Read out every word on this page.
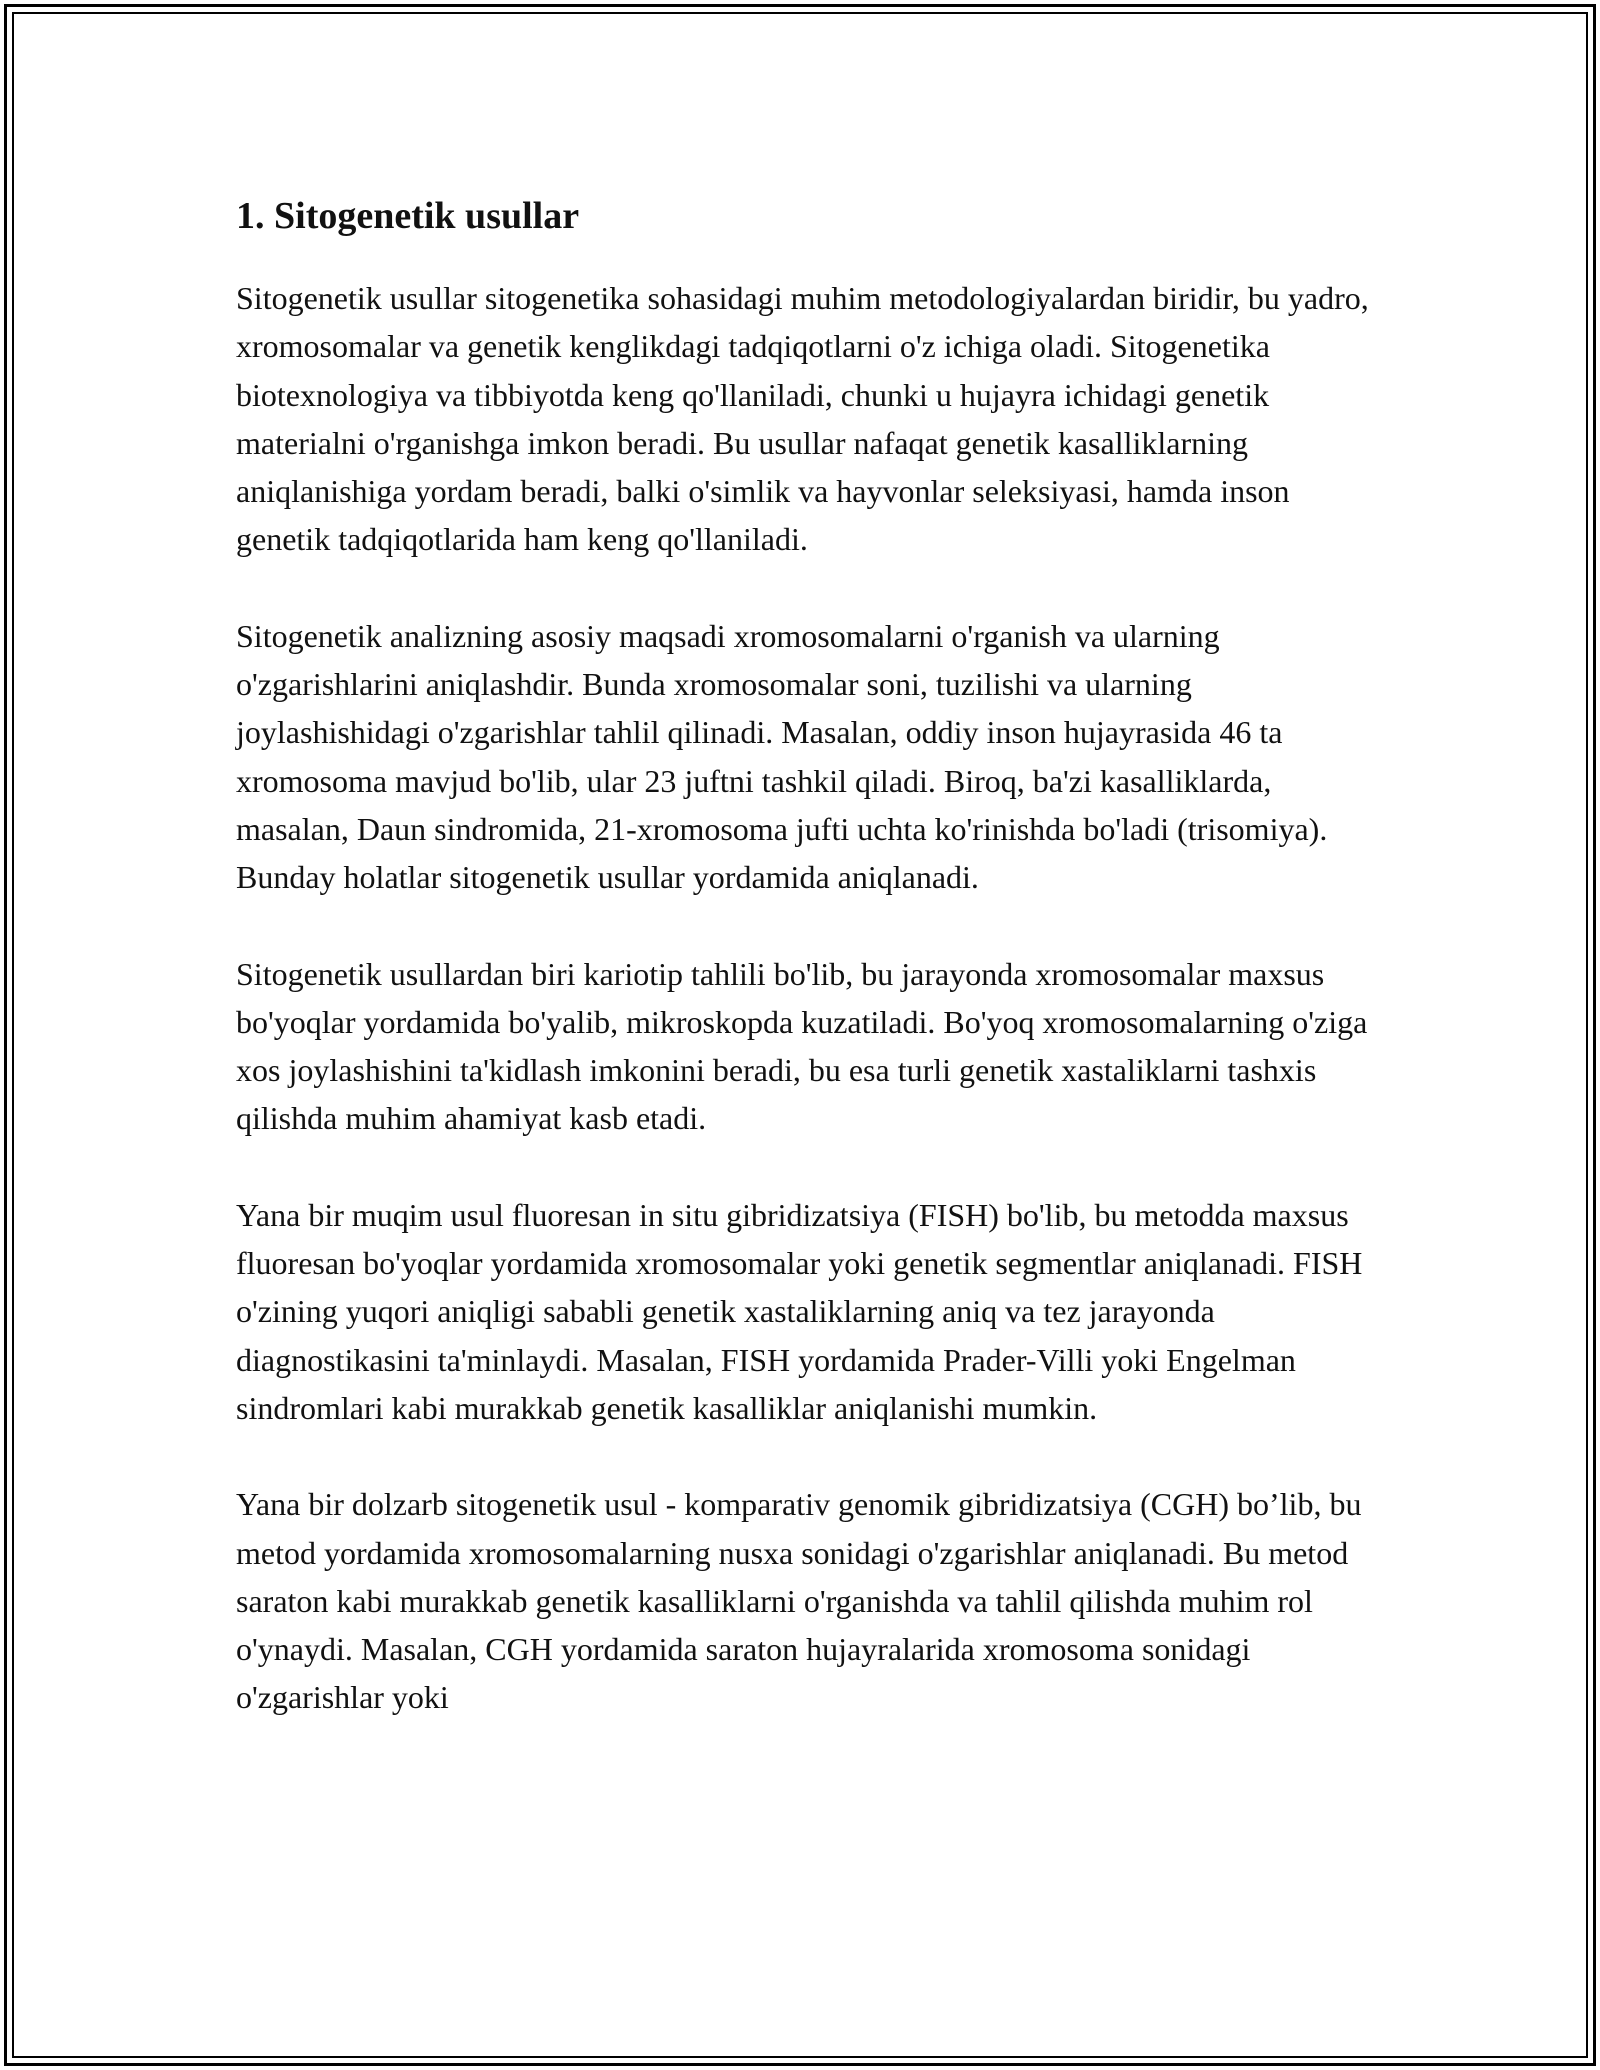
1. Sitogenetik usullar

Sitogenetik usullar sitogenetika sohasidagi muhim metodologiyalardan biridir, bu yadro, xromosomalar va genetik kenglikdagi tadqiqotlarni o'z ichiga oladi. Sitogenetika biotexnologiya va tibbiyotda keng qo'llaniladi, chunki u hujayra ichidagi genetik materialni o'rganishga imkon beradi. Bu usullar nafaqat genetik kasalliklarning aniqlanishiga yordam beradi, balki o'simlik va hayvonlar seleksiyasi, hamda inson genetik tadqiqotlarida ham keng qo'llaniladi.

Sitogenetik analizning asosiy maqsadi xromosomalarni o'rganish va ularning o'zgarishlarini aniqlashdir. Bunda xromosomalar soni, tuzilishi va ularning joylashishidagi o'zgarishlar tahlil qilinadi. Masalan, oddiy inson hujayrasida 46 ta xromosoma mavjud bo'lib, ular 23 juftni tashkil qiladi. Biroq, ba'zi kasalliklarda, masalan, Daun sindromida, 21-xromosoma jufti uchta ko'rinishda bo'ladi (trisomiya). Bunday holatlar sitogenetik usullar yordamida aniqlanadi.

Sitogenetik usullardan biri kariotip tahlili bo'lib, bu jarayonda xromosomalar maxsus bo'yoqlar yordamida bo'yalib, mikroskopda kuzatiladi. Bo'yoq xromosomalarning o'ziga xos joylashishini ta'kidlash imkonini beradi, bu esa turli genetik xastaliklarni tashxis qilishda muhim ahamiyat kasb etadi.

Yana bir muqim usul fluoresan in situ gibridizatsiya (FISH) bo'lib, bu metodda maxsus fluoresan bo'yoqlar yordamida xromosomalar yoki genetik segmentlar aniqlanadi. FISH o'zining yuqori aniqligi sababli genetik xastaliklarning aniq va tez jarayonda diagnostikasini ta'minlaydi. Masalan, FISH yordamida Prader-Villi yoki Engelman sindromlari kabi murakkab genetik kasalliklar aniqlanishi mumkin.

Yana bir dolzarb sitogenetik usul - komparativ genomik gibridizatsiya (CGH) bo’lib, bu metod yordamida xromosomalarning nusxa sonidagi o'zgarishlar aniqlanadi. Bu metod saraton kabi murakkab genetik kasalliklarni o'rganishda va tahlil qilishda muhim rol o'ynaydi. Masalan, CGH yordamida saraton hujayralarida xromosoma sonidagi o'zgarishlar yoki
